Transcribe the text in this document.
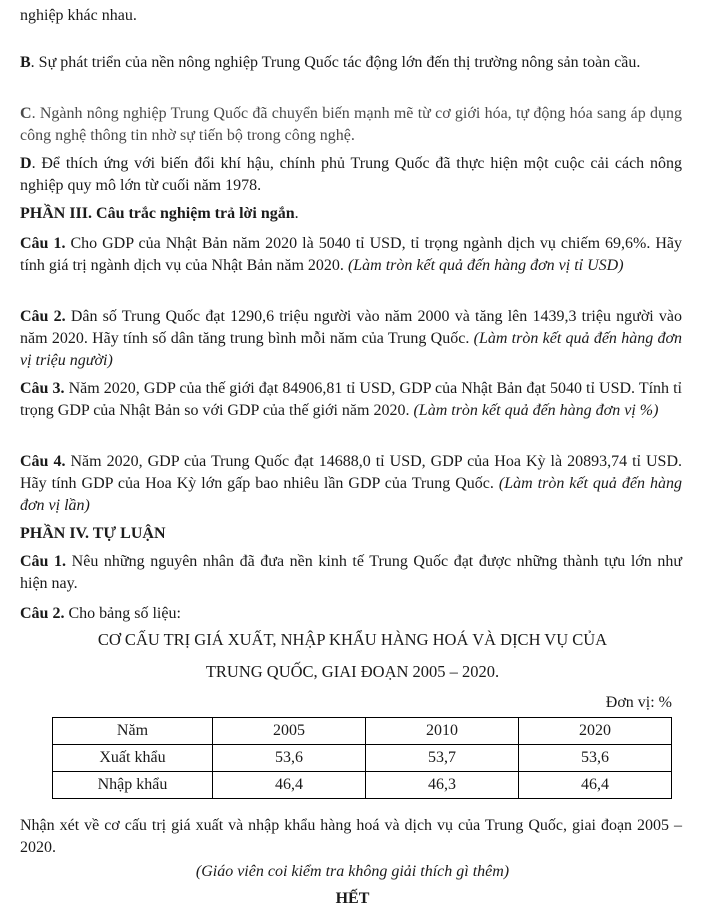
nghiệp khác nhau.

B. Sự phát triển của nền nông nghiệp Trung Quốc tác động lớn đến thị trường nông sản toàn cầu.

C. Ngành nông nghiệp Trung Quốc đã chuyển biến mạnh mẽ từ cơ giới hóa, tự động hóa sang áp dụng công nghệ thông tin nhờ sự tiến bộ trong công nghệ.

D. Để thích ứng với biến đổi khí hậu, chính phủ Trung Quốc đã thực hiện một cuộc cải cách nông nghiệp quy mô lớn từ cuối năm 1978.

PHẦN III. Câu trắc nghiệm trả lời ngắn.

Câu 1. Cho GDP của Nhật Bản năm 2020 là 5040 tỉ USD, tỉ trọng ngành dịch vụ chiếm 69,6%. Hãy tính giá trị ngành dịch vụ của Nhật Bản năm 2020. (Làm tròn kết quả đến hàng đơn vị tỉ USD)

Câu 2. Dân số Trung Quốc đạt 1290,6 triệu người vào năm 2000 và tăng lên 1439,3 triệu người vào năm 2020. Hãy tính số dân tăng trung bình mỗi năm của Trung Quốc. (Làm tròn kết quả đến hàng đơn vị triệu người)

Câu 3. Năm 2020, GDP của thế giới đạt 84906,81 tỉ USD, GDP của Nhật Bản đạt 5040 tỉ USD. Tính tỉ trọng GDP của Nhật Bản so với GDP của thế giới năm 2020. (Làm tròn kết quả đến hàng đơn vị %)

Câu 4. Năm 2020, GDP của Trung Quốc đạt 14688,0 tỉ USD, GDP của Hoa Kỳ là 20893,74 tỉ USD. Hãy tính GDP của Hoa Kỳ lớn gấp bao nhiêu lần GDP của Trung Quốc. (Làm tròn kết quả đến hàng đơn vị lần)

PHẦN IV. TỰ LUẬN

Câu 1. Nêu những nguyên nhân đã đưa nền kinh tế Trung Quốc đạt được những thành tựu lớn như hiện nay.

Câu 2. Cho bảng số liệu:
CƠ CẤU TRỊ GIÁ XUẤT, NHẬP KHẨU HÀNG HOÁ VÀ DỊCH VỤ CỦA
TRUNG QUỐC, GIAI ĐOẠN 2005 – 2020.
Đơn vị: %
Năm	2005	2010	2020
Xuất khẩu	53,6	53,7	53,6
Nhập khẩu	46,4	46,3	46,4

Nhận xét về cơ cấu trị giá xuất và nhập khẩu hàng hoá và dịch vụ của Trung Quốc, giai đoạn 2005 – 2020.

(Giáo viên coi kiểm tra không giải thích gì thêm)
HẾT
